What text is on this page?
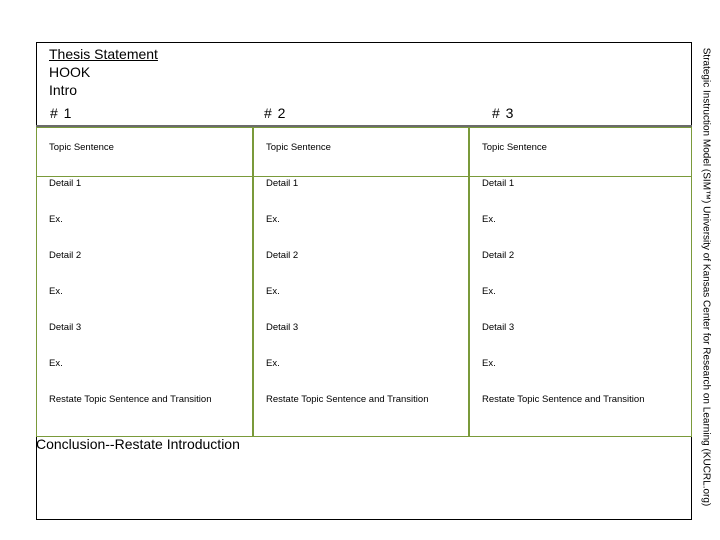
Thesis Statement
HOOK
Intro
# 1	# 2	# 3
Topic Sentence	Topic Sentence	Topic Sentence
Detail 1	Detail 1	Detail 1
Ex.	Ex.	Ex.
Detail 2	Detail 2	Detail 2
Ex.	Ex.	Ex.
Detail 3	Detail 3	Detail 3
Ex.	Ex.	Ex.
Restate Topic Sentence and Transition	Restate Topic Sentence and Transition	Restate Topic Sentence and Transition
Conclusion--Restate Introduction	Strategic Instruction Model (SIM™) University of Kansas Center for Research on Learning (KUCRL.org)
